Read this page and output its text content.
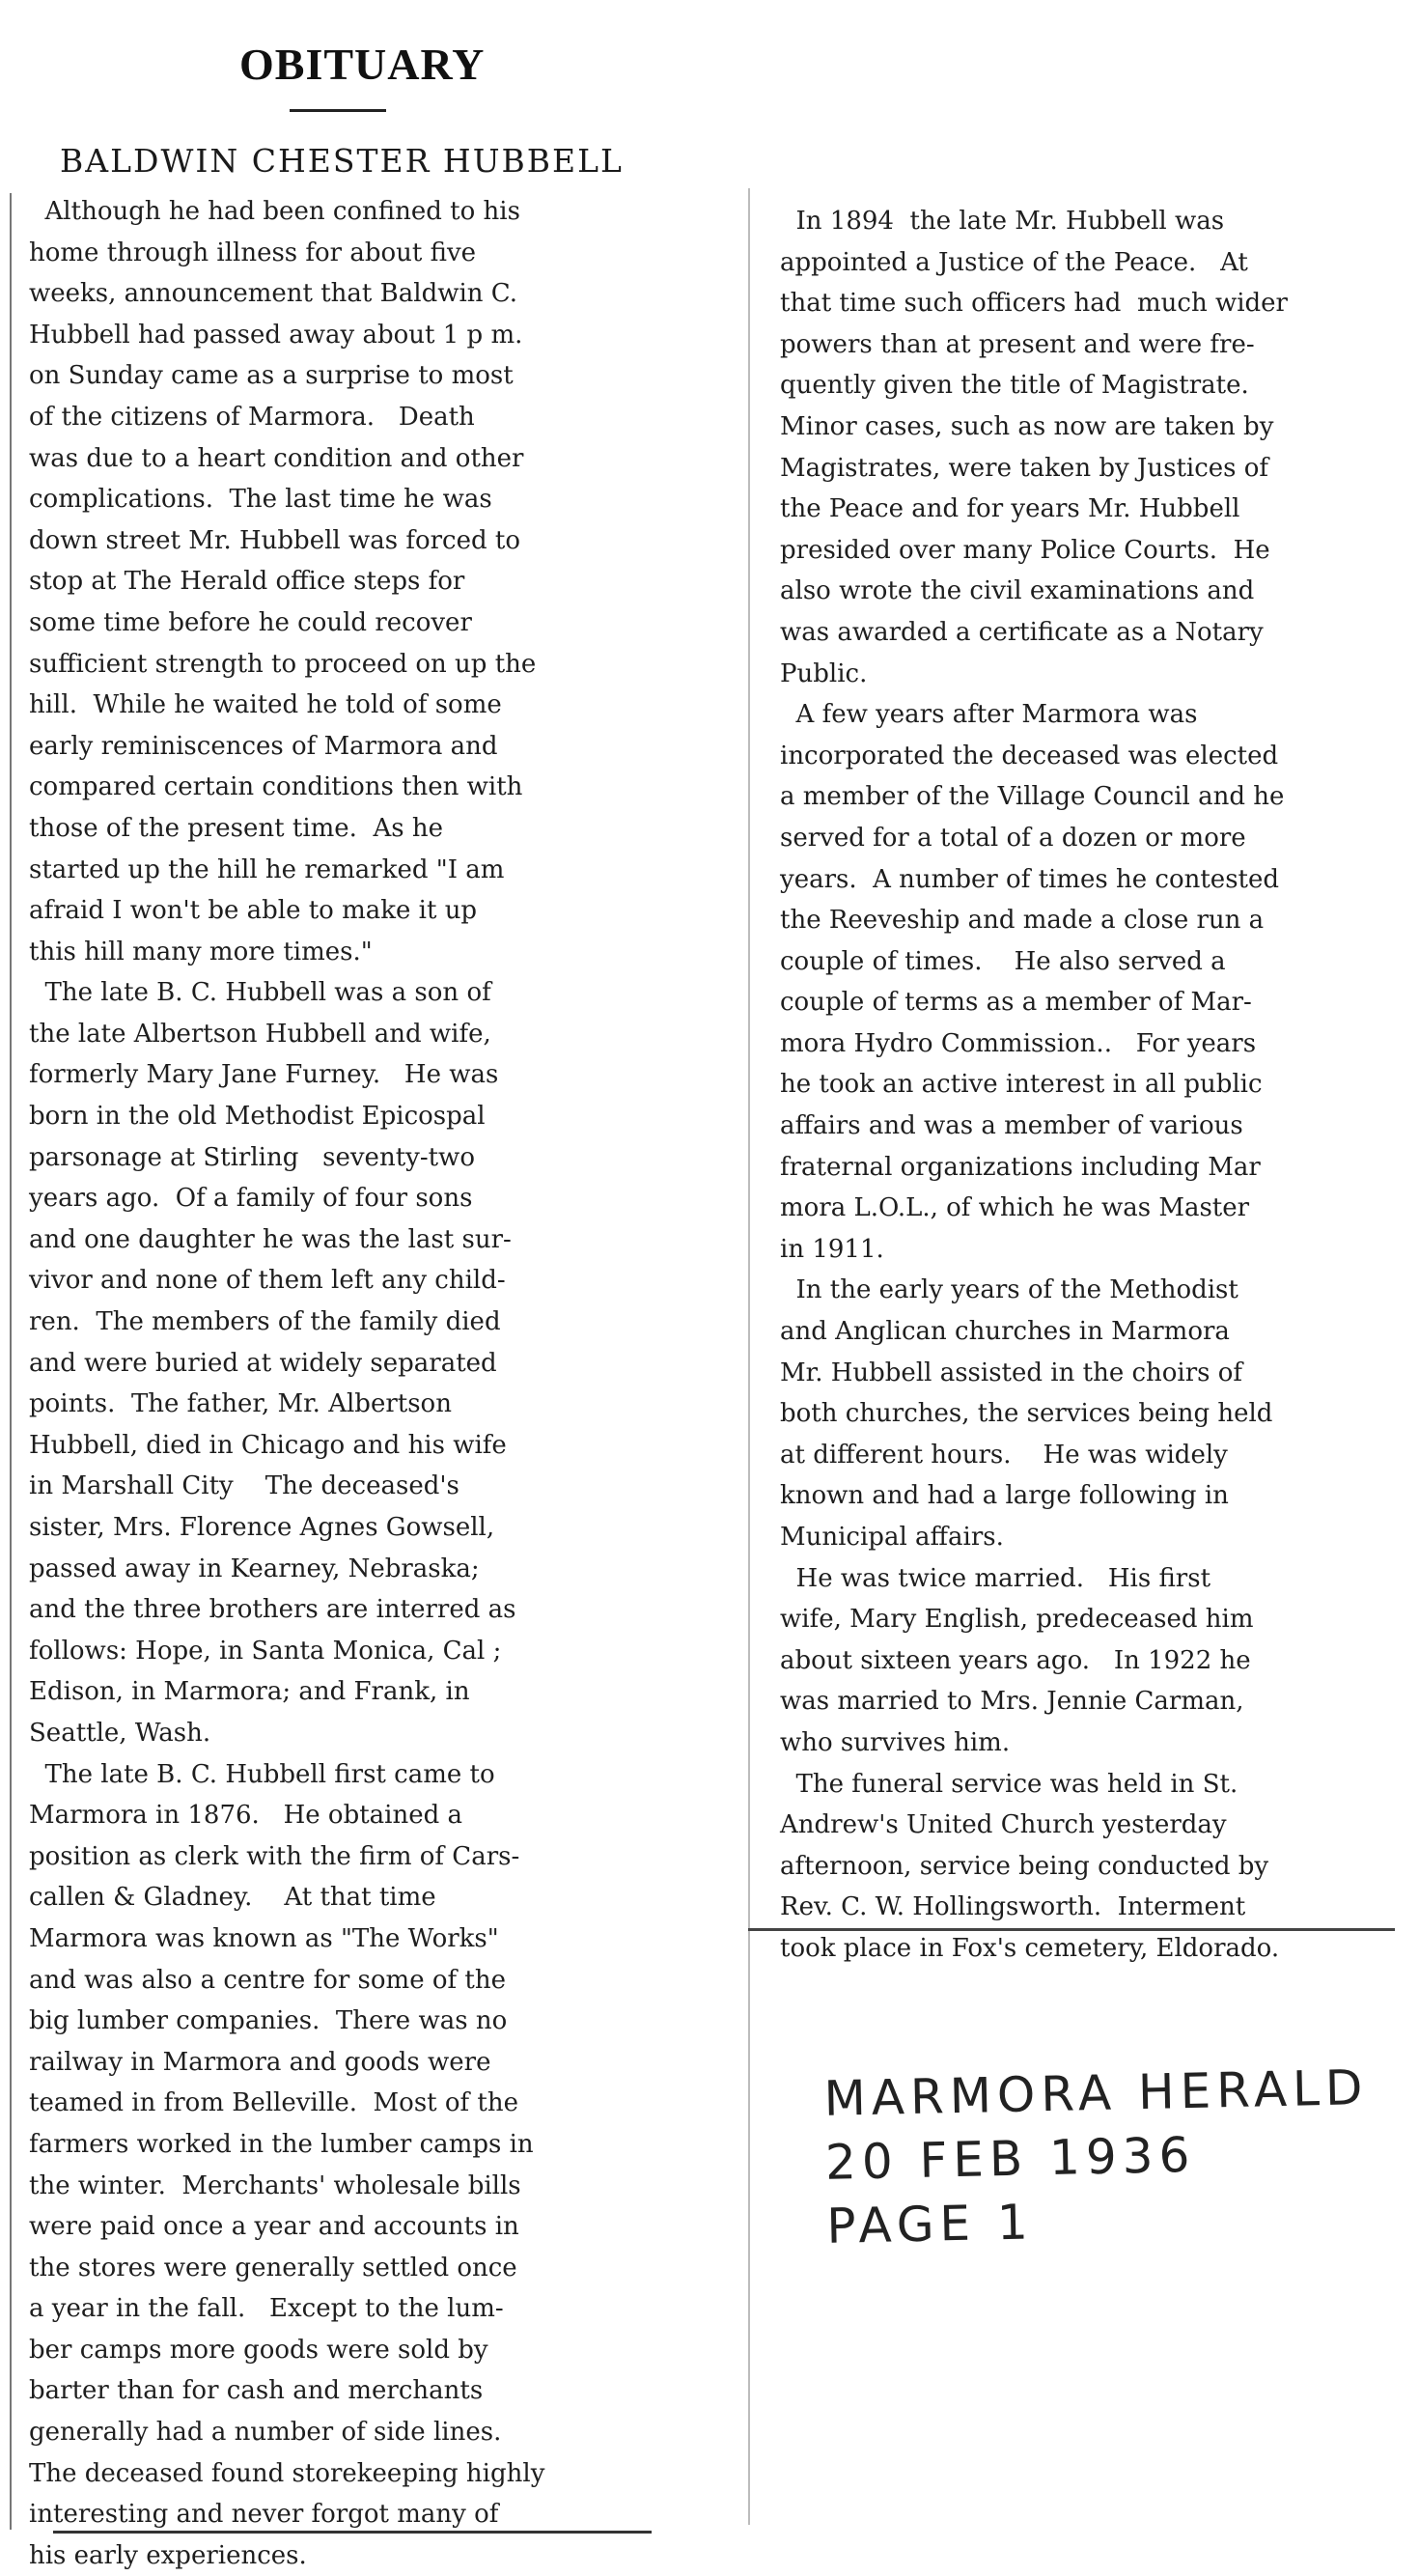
OBITUARY
BALDWIN CHESTER HUBBELL
Although he had been confined to his
home through illness for about five
weeks, announcement that Baldwin C.
Hubbell had passed away about 1 p m.
on Sunday came as a surprise to most
of the citizens of Marmora.   Death
was due to a heart condition and other
complications.  The last time he was
down street Mr. Hubbell was forced to
stop at The Herald office steps for
some time before he could recover
sufficient strength to proceed on up the
hill.  While he waited he told of some
early reminiscences of Marmora and
compared certain conditions then with
those of the present time.  As he
started up the hill he remarked "I am
afraid I won't be able to make it up
this hill many more times."
The late B. C. Hubbell was a son of
the late Albertson Hubbell and wife,
formerly Mary Jane Furney.   He was
born in the old Methodist Epicospal
parsonage at Stirling   seventy-two
years ago.  Of a family of four sons
and one daughter he was the last sur-
vivor and none of them left any child-
ren.  The members of the family died
and were buried at widely separated
points.  The father, Mr. Albertson
Hubbell, died in Chicago and his wife
in Marshall City    The deceased's
sister, Mrs. Florence Agnes Gowsell,
passed away in Kearney, Nebraska;
and the three brothers are interred as
follows: Hope, in Santa Monica, Cal ;
Edison, in Marmora; and Frank, in
Seattle, Wash.
The late B. C. Hubbell first came to
Marmora in 1876.   He obtained a
position as clerk with the firm of Cars-
callen & Gladney.    At that time
Marmora was known as "The Works"
and was also a centre for some of the
big lumber companies.  There was no
railway in Marmora and goods were
teamed in from Belleville.  Most of the
farmers worked in the lumber camps in
the winter.  Merchants' wholesale bills
were paid once a year and accounts in
the stores were generally settled once
a year in the fall.   Except to the lum-
ber camps more goods were sold by
barter than for cash and merchants
generally had a number of side lines.
The deceased found storekeeping highly
interesting and never forgot many of
his early experiences.
In 1894  the late Mr. Hubbell was
appointed a Justice of the Peace.   At
that time such officers had  much wider
powers than at present and were fre-
quently given the title of Magistrate.
Minor cases, such as now are taken by
Magistrates, were taken by Justices of
the Peace and for years Mr. Hubbell
presided over many Police Courts.  He
also wrote the civil examinations and
was awarded a certificate as a Notary
Public.
A few years after Marmora was
incorporated the deceased was elected
a member of the Village Council and he
served for a total of a dozen or more
years.  A number of times he contested
the Reeveship and made a close run a
couple of times.    He also served a
couple of terms as a member of Mar-
mora Hydro Commission..   For years
he took an active interest in all public
affairs and was a member of various
fraternal organizations including Mar
mora L.O.L., of which he was Master
in 1911.
In the early years of the Methodist
and Anglican churches in Marmora
Mr. Hubbell assisted in the choirs of
both churches, the services being held
at different hours.    He was widely
known and had a large following in
Municipal affairs.
He was twice married.   His first
wife, Mary English, predeceased him
about sixteen years ago.   In 1922 he
was married to Mrs. Jennie Carman,
who survives him.
The funeral service was held in St.
Andrew's United Church yesterday
afternoon, service being conducted by
Rev. C. W. Hollingsworth.  Interment
took place in Fox's cemetery, Eldorado.
MARMORA HERALD
20 FEB 1936
PAGE 1
